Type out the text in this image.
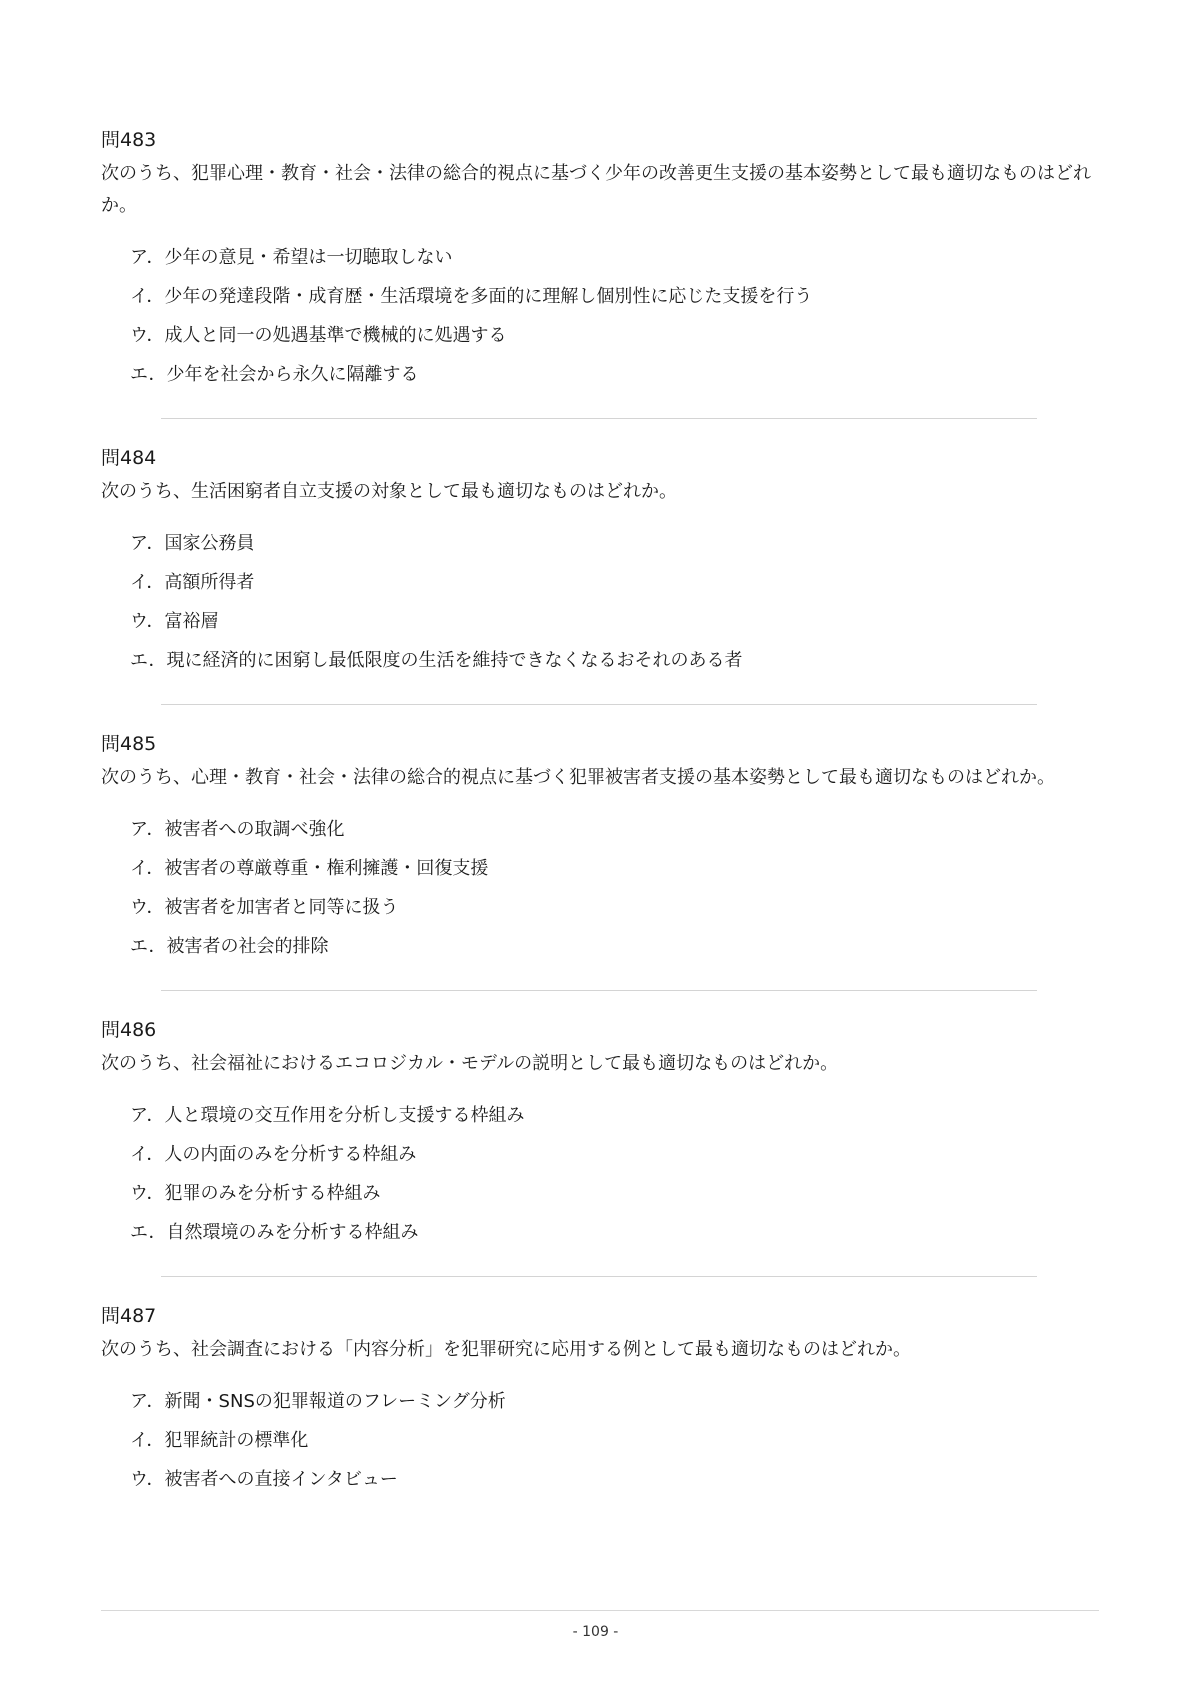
問483

次のうち、犯罪心理・教育・社会・法律の総合的視点に基づく少年の改善更生支援の基本姿勢として最も適切なものはどれか。

ア．少年の意見・希望は一切聴取しない
イ．少年の発達段階・成育歴・生活環境を多面的に理解し個別性に応じた支援を行う
ウ．成人と同一の処遇基準で機械的に処遇する
エ．少年を社会から永久に隔離する

問484

次のうち、生活困窮者自立支援の対象として最も適切なものはどれか。

ア．国家公務員
イ．高額所得者
ウ．富裕層
エ．現に経済的に困窮し最低限度の生活を維持できなくなるおそれのある者

問485

次のうち、心理・教育・社会・法律の総合的視点に基づく犯罪被害者支援の基本姿勢として最も適切なものはどれか。

ア．被害者への取調べ強化
イ．被害者の尊厳尊重・権利擁護・回復支援
ウ．被害者を加害者と同等に扱う
エ．被害者の社会的排除

問486

次のうち、社会福祉におけるエコロジカル・モデルの説明として最も適切なものはどれか。

ア．人と環境の交互作用を分析し支援する枠組み
イ．人の内面のみを分析する枠組み
ウ．犯罪のみを分析する枠組み
エ．自然環境のみを分析する枠組み

問487

次のうち、社会調査における「内容分析」を犯罪研究に応用する例として最も適切なものはどれか。

ア．新聞・SNSの犯罪報道のフレーミング分析
イ．犯罪統計の標準化
ウ．被害者への直接インタビュー
- 109 -
